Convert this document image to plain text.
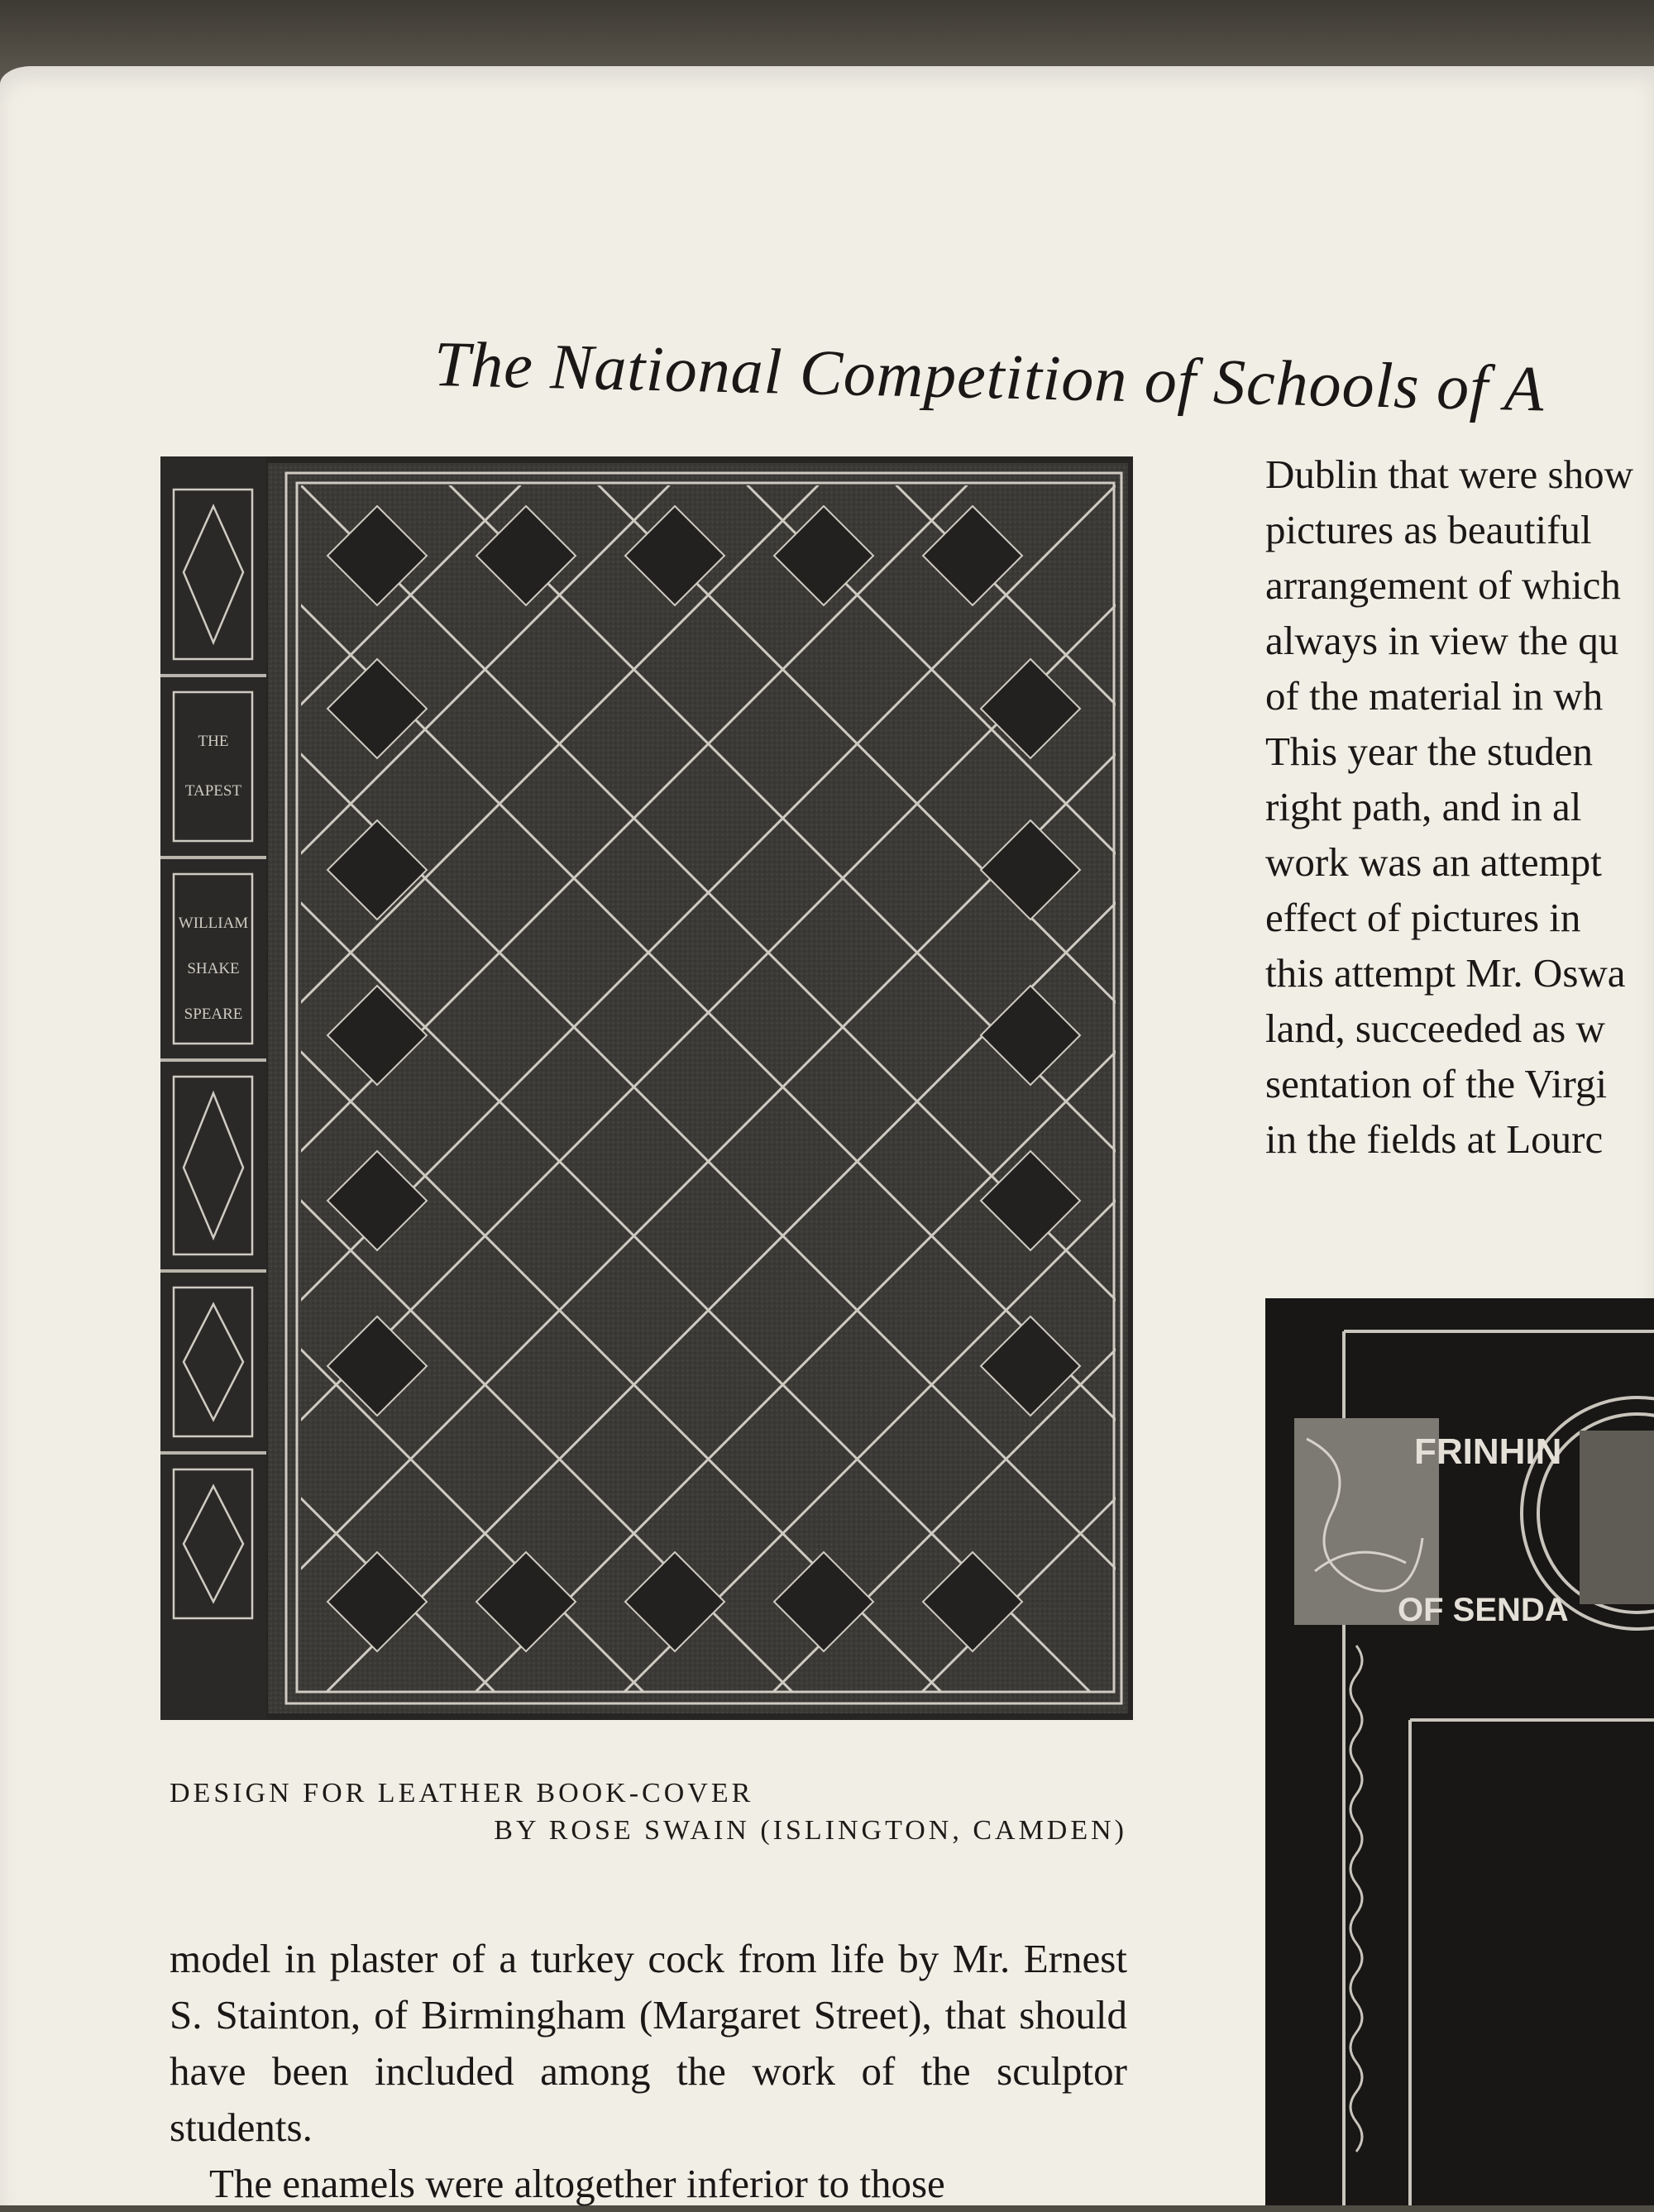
The National Competition of Schools of A
THE
TAPEST
WILLIAM
SHAKE
SPEARE
DESIGN FOR LEATHER BOOK-COVER
BY ROSE SWAIN (ISLINGTON, CAMDEN)

model in plaster of a turkey cock from life by Mr. Ernest S. Stainton, of Birmingham (Margaret Street), that should have been included among the work of the sculptor students.

The enamels were altogether inferior to those

Dublin that were show
pictures as beautiful
arrangement of which
always in view the qu
of the material in wh
This year the studen
right path, and in al
work was an attempt
effect of pictures in
this attempt Mr. Oswa
land, succeeded as w
sentation of the Virgi
in the fields at Lourc
FRINHIN
OF SENDA
